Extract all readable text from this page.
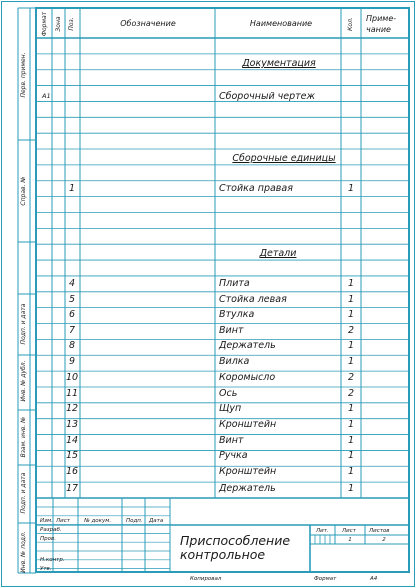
Формат Зона Поз.	Обозначение	Наименование	Кол. Приме-
чание
Перв. примен.
Справ. №
Подп. и дата
Инв. № дубл.
Взам. инв. №
Подп. и дата
Инв. № подл.
Документация
Сборочные единицы
Детали
А1	Сборочный чертеж
1	Стойка правая	1
4	Плита	1
5	Стойка левая	1
6	Втулка	1
7	Винт	2
8	Держатель	1
9	Вилка	1
10	Коромысло	2
11	Ось	2
12	Щуп	1
13	Кронштейн	1
14	Винт	1
15	Ручка	1
16	Кронштейн	1
17	Держатель	1
Изм. Лист	№ докум.	Подп. Дата
Разраб.
Пров.
Н.контр.
Утв.
Приспособление контрольное
Лит. Лист Листов
1	2
Копировал	Формат	А4
